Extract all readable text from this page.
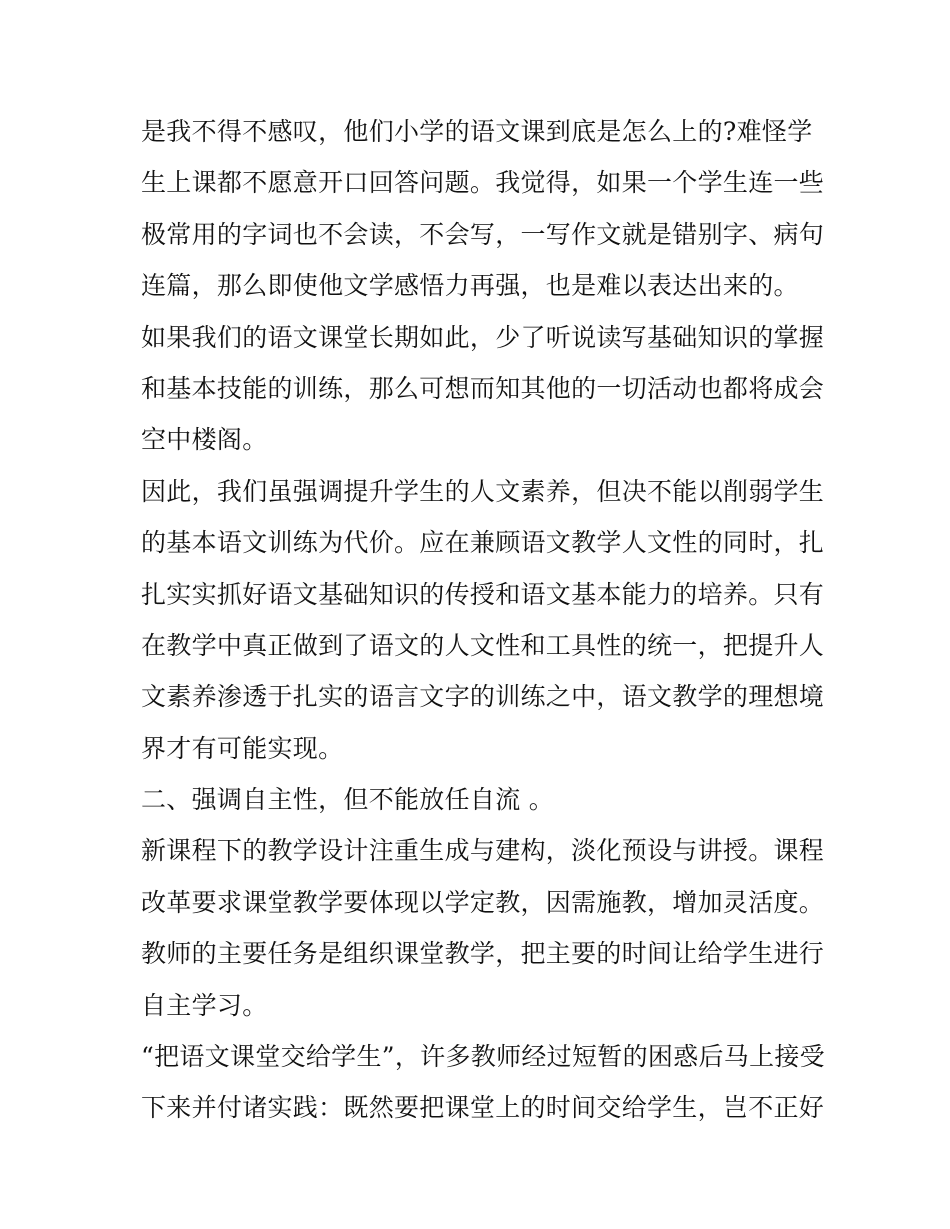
是我不得不感叹，他们小学的语文课到底是怎么上的?难怪学
生上课都不愿意开口回答问题。我觉得，如果一个学生连一些
极常用的字词也不会读，不会写，一写作文就是错别字、病句
连篇，那么即使他文学感悟力再强，也是难以表达出来的。
如果我们的语文课堂长期如此，少了听说读写基础知识的掌握
和基本技能的训练，那么可想而知其他的一切活动也都将成会
空中楼阁。
因此，我们虽强调提升学生的人文素养，但决不能以削弱学生
的基本语文训练为代价。应在兼顾语文教学人文性的同时，扎
扎实实抓好语文基础知识的传授和语文基本能力的培养。只有
在教学中真正做到了语文的人文性和工具性的统一，把提升人
文素养渗透于扎实的语言文字的训练之中，语文教学的理想境
界才有可能实现。
二、强调自主性，但不能放任自流 。
新课程下的教学设计注重生成与建构，淡化预设与讲授。课程
改革要求课堂教学要体现以学定教，因需施教，增加灵活度。
教师的主要任务是组织课堂教学，把主要的时间让给学生进行
自主学习。
“把语文课堂交给学生”，许多教师经过短暂的困惑后马上接受
下来并付诸实践：既然要把课堂上的时间交给学生，岂不正好
